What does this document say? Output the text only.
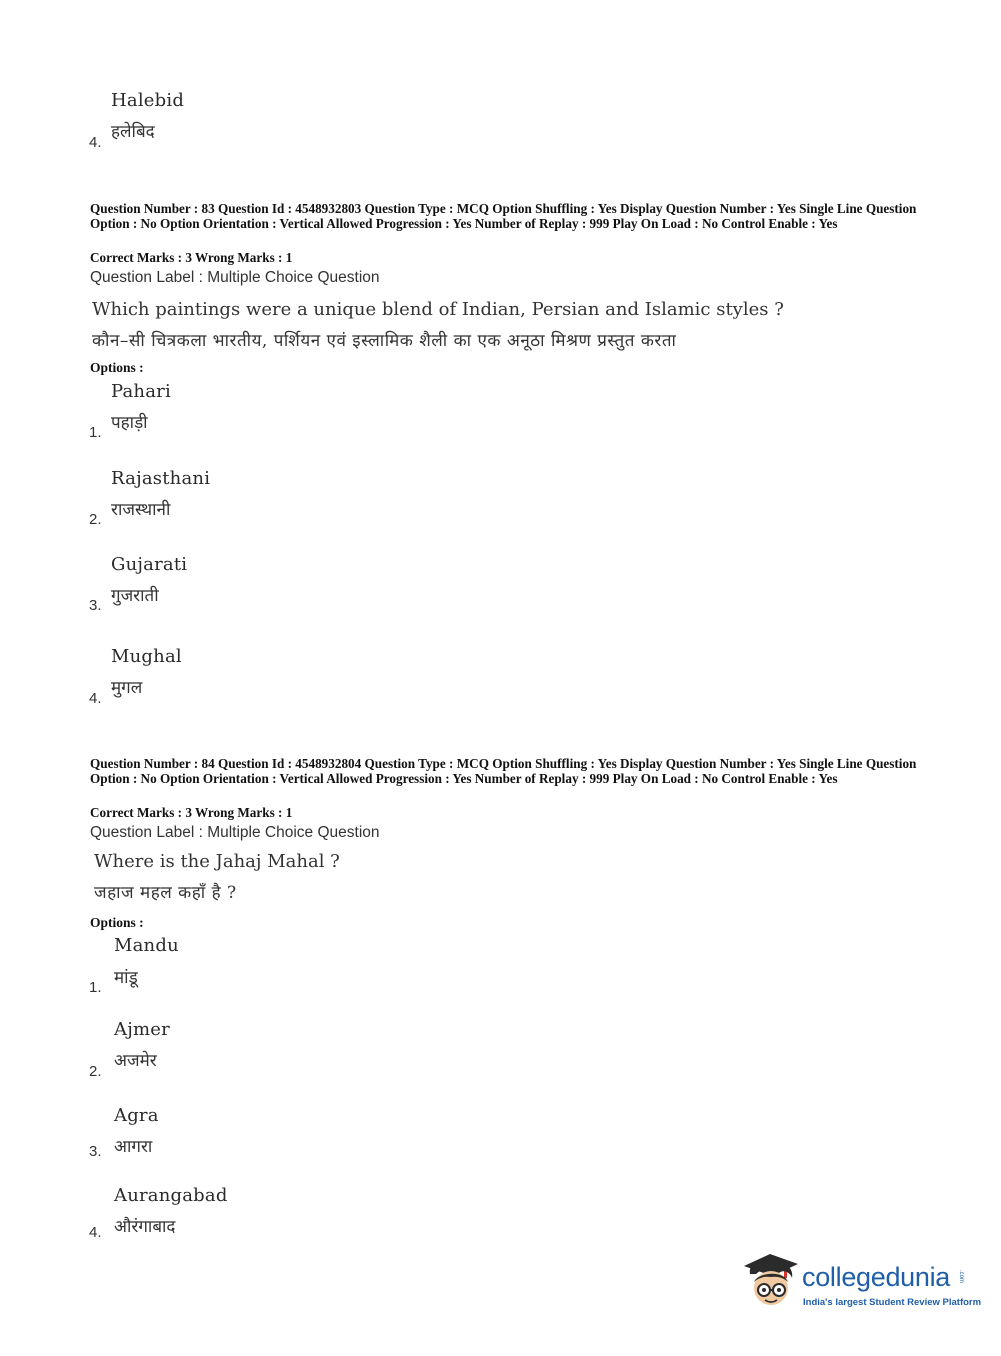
Halebid
हलेबिद
4.
Question Number : 83 Question Id : 4548932803 Question Type : MCQ Option Shuffling : Yes Display Question Number : Yes Single Line Question Option : No Option Orientation : Vertical Allowed Progression : Yes Number of Replay : 999 Play On Load : No Control Enable : Yes
Correct Marks : 3 Wrong Marks : 1
Question Label : Multiple Choice Question
Which paintings were a unique blend of Indian, Persian and Islamic styles ?
कौन–सी चित्रकला भारतीय, पर्शियन एवं इस्लामिक शैली का एक अनूठा मिश्रण प्रस्तुत करता
Options :
Pahari
पहाड़ी
1.
Rajasthani
राजस्थानी
2.
Gujarati
गुजराती
3.
Mughal
मुगल
4.
Question Number : 84 Question Id : 4548932804 Question Type : MCQ Option Shuffling : Yes Display Question Number : Yes Single Line Question Option : No Option Orientation : Vertical Allowed Progression : Yes Number of Replay : 999 Play On Load : No Control Enable : Yes
Correct Marks : 3 Wrong Marks : 1
Question Label : Multiple Choice Question
Where is the Jahaj Mahal ?
जहाज महल कहाँ है ?
Options :
Mandu
मांडू
1.
Ajmer
अजमेर
2.
Agra
आगरा
3.
Aurangabad
औरंगाबाद
4.
collegedunia .com
India's largest Student Review Platform
